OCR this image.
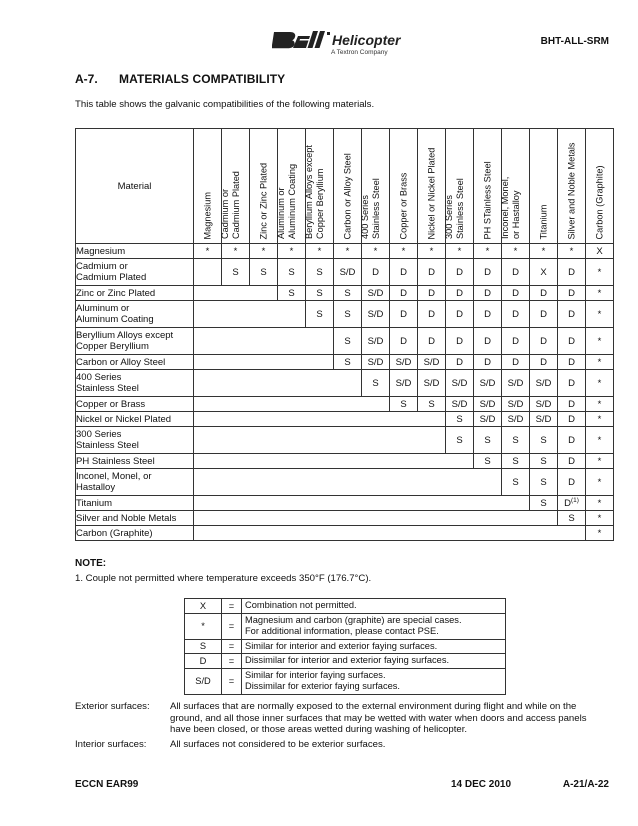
Helicopter
A Textron Company
BHT-ALL-SRM
A-7. MATERIALS COMPATIBILITY
This table shows the galvanic compatibilities of the following materials.
Material	Magnesium	Cadmium or
Cadmium Plated	Zinc or Zinc Plated	Aluminum or
Aluminum Coating	Beryllium Alloys except
Copper Beryllium	Carbon or Alloy Steel	400 Series
Stainless Steel	Copper or Brass	Nickel or Nickel Plated	300 Series
Stainless Steel	PH STainless Steel	Inconel, Monel,
or Hastalloy	Titanium	Silver and Noble Metals	Carbon (Graphite)

Magnesium	*	*	*	*	*	*	*	*	*	*	*	*	*	*	X
Cadmium or
Cadmium Plated		S	S	S	S	S/D	D	D	D	D	D	D	X	D	*
Zinc or Zinc Plated				S	S	S	S/D	D	D	D	D	D	D	D	*
Aluminum or
Aluminum Coating					S	S	S/D	D	D	D	D	D	D	D	*
Beryllium Alloys except
Copper Beryllium						S	S/D	D	D	D	D	D	D	D	*
Carbon or Alloy Steel						S	S/D	S/D	S/D	D	D	D	D	D	*
400 Series
Stainless Steel							S	S/D	S/D	S/D	S/D	S/D	S/D	D	*
Copper or Brass								S	S	S/D	S/D	S/D	S/D	D	*
Nickel or Nickel Plated										S	S/D	S/D	S/D	D	*
300 Series
Stainless Steel										S	S	S	S	D	*
PH Stainless Steel											S	S	S	D	*
Inconel, Monel, or
Hastalloy												S	S	D	*
Titanium													S	$D^{(1)}$	*
Silver and Noble Metals														S	*
Carbon (Graphite)															*
NOTE:
1. Couple not permitted where temperature exceeds 350°F (176.7°C).
X	=	Combination not permitted.
*	=	Magnesium and carbon (graphite) are special cases.
For additional information, please contact PSE.
S	=	Similar for interior and exterior faying surfaces.
D	=	Dissimilar for interior and exterior faying surfaces.
S/D	=	Similar for interior faying surfaces.
Dissimilar for exterior faying surfaces.
Exterior surfaces: All surfaces that are normally exposed to the external environment during flight and while on the ground, and all those inner surfaces that may be wetted with water when doors and access panels have been closed, or those areas wetted during washing of helicopter.
Interior surfaces: All surfaces not considered to be exterior surfaces.
ECCN EAR99	14 DEC 2010	A-21/A-22
